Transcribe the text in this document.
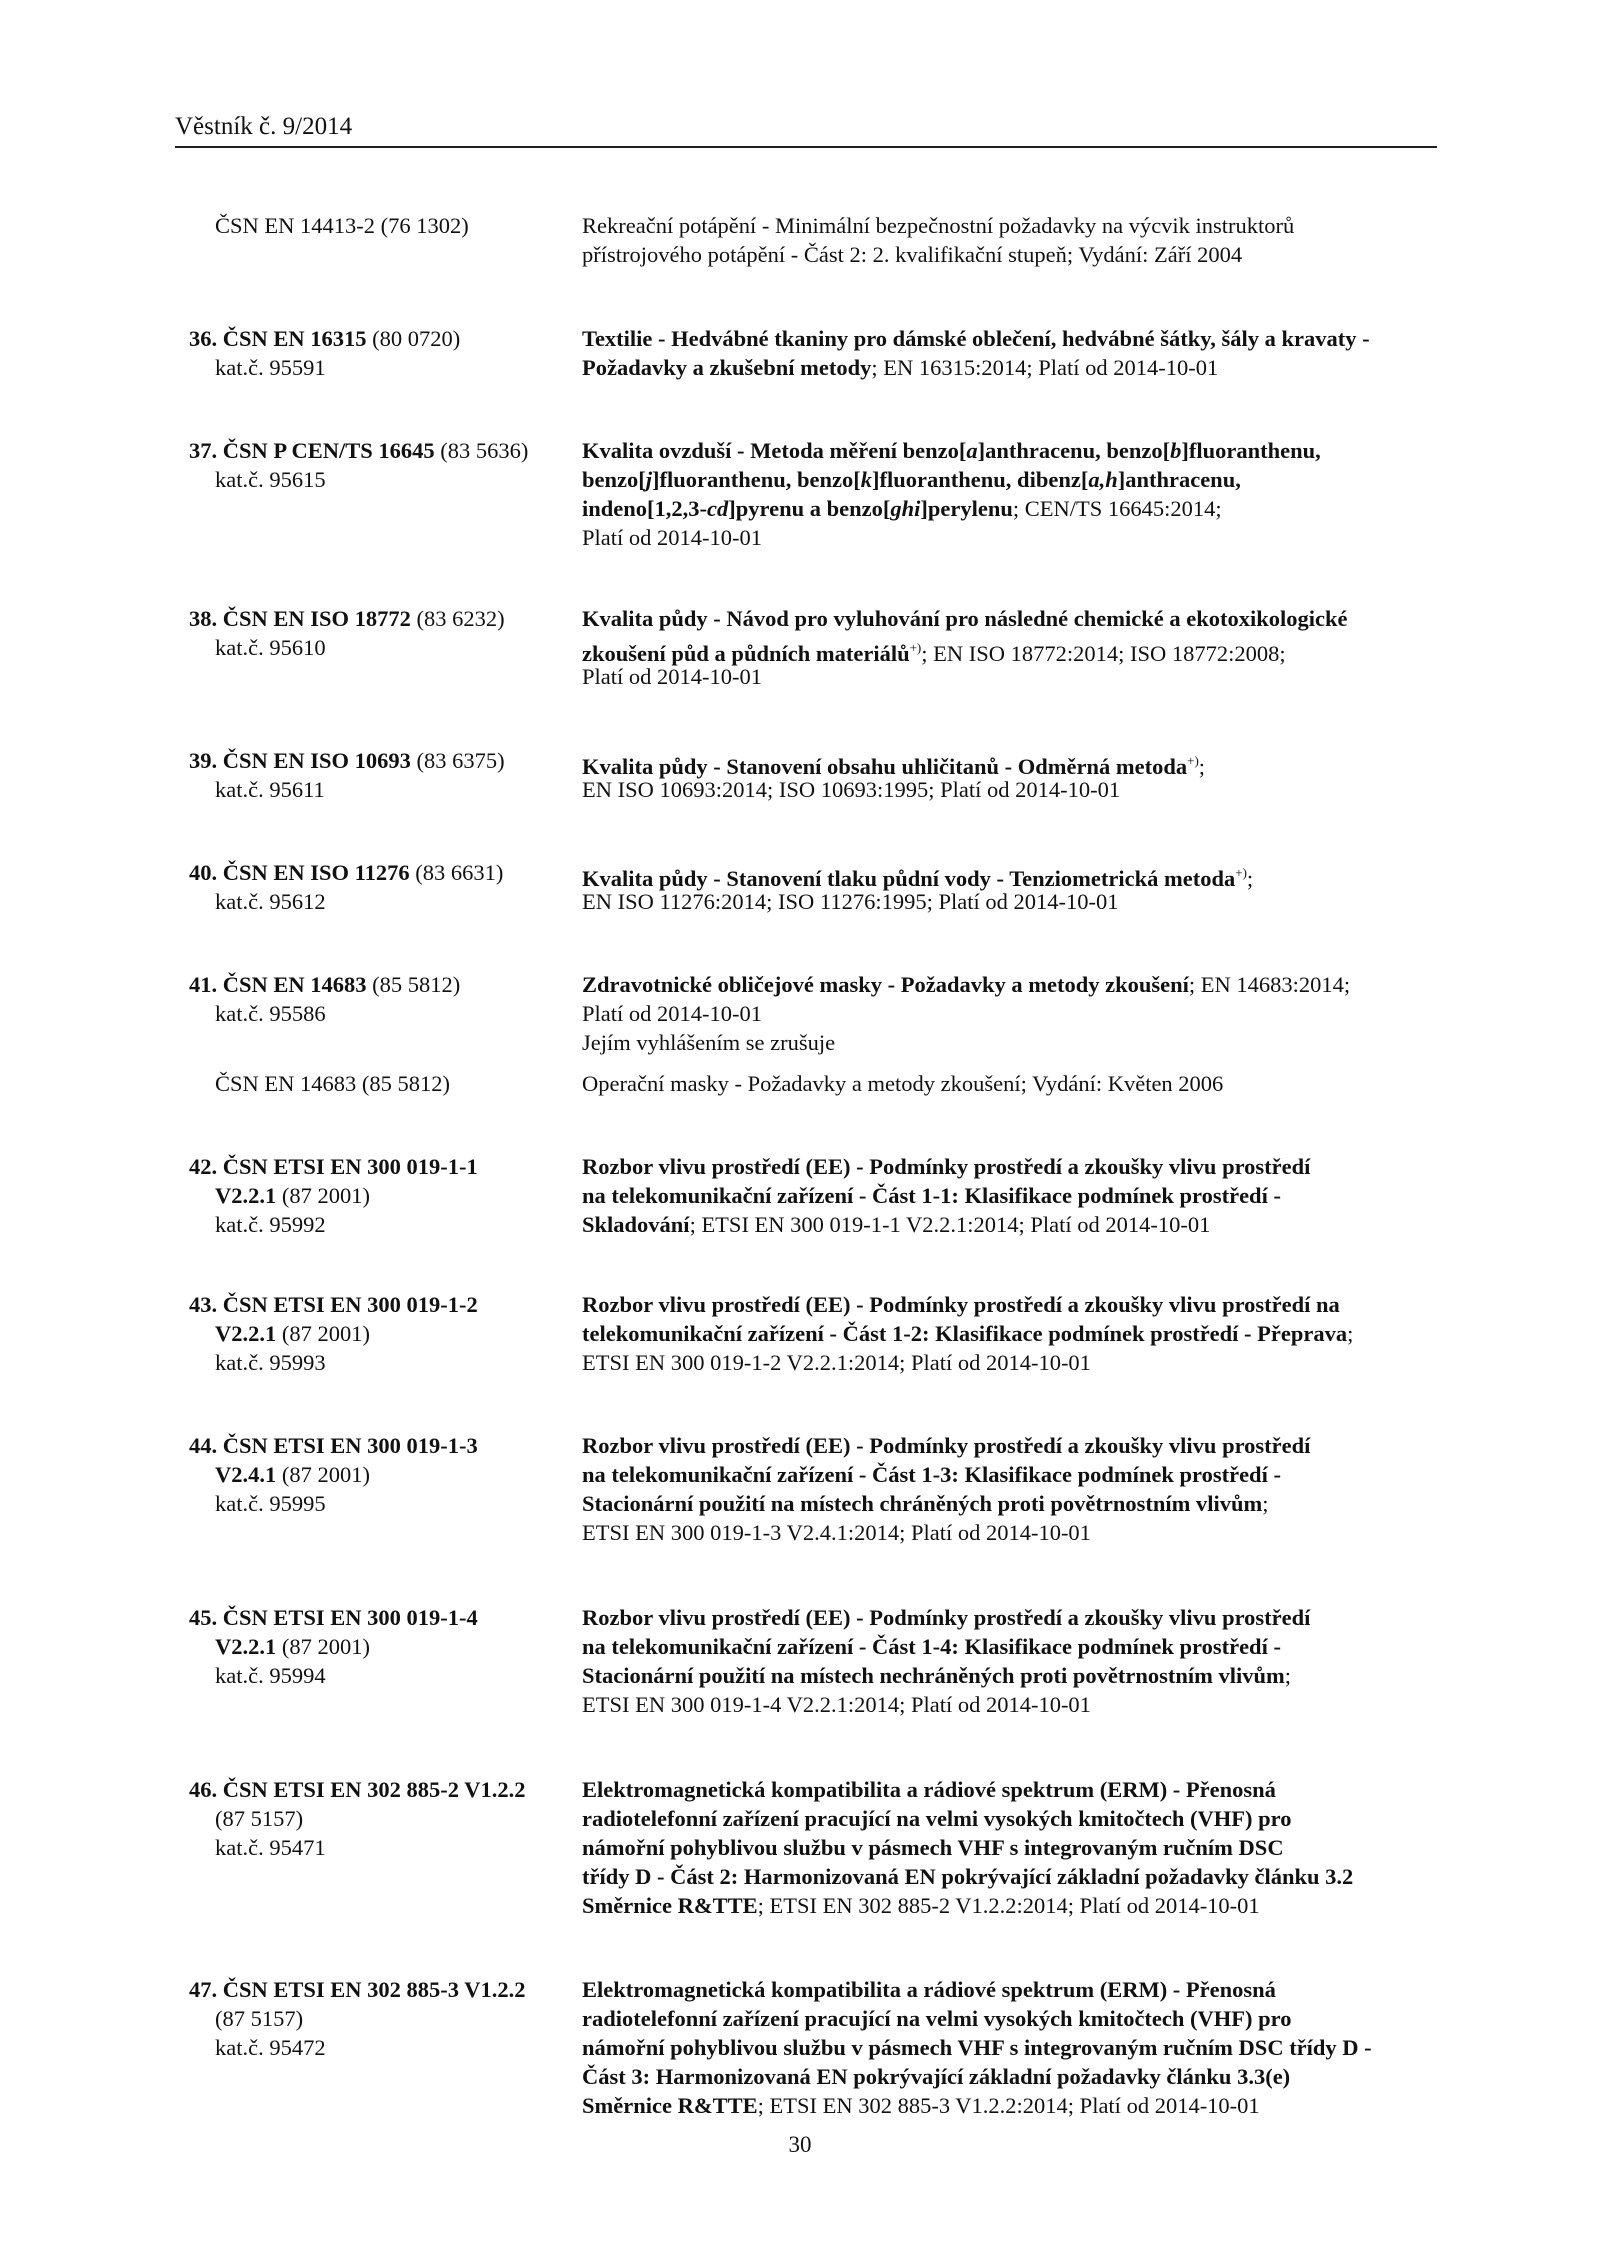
Věstník č. 9/2014
ČSN EN 14413-2 (76 1302)	Rekreační potápění - Minimální bezpečnostní požadavky na výcvik instruktorů
přístrojového potápění - Část 2: 2. kvalifikační stupeň; Vydání: Září 2004
36. ČSN EN 16315 (80 0720)
kat.č. 95591
Textilie - Hedvábné tkaniny pro dámské oblečení, hedvábné šátky, šály a kravaty -
Požadavky a zkušební metody; EN 16315:2014; Platí od 2014-10-01
37. ČSN P CEN/TS 16645 (83 5636)
kat.č. 95615
Kvalita ovzduší - Metoda měření benzo[a]anthracenu, benzo[b]fluoranthenu,
benzo[j]fluoranthenu, benzo[k]fluoranthenu, dibenz[a,h]anthracenu,
indeno[1,2,3-cd]pyrenu a benzo[ghi]perylenu; CEN/TS 16645:2014;
Platí od 2014-10-01
38. ČSN EN ISO 18772 (83 6232)
kat.č. 95610
Kvalita půdy - Návod pro vyluhování pro následné chemické a ekotoxikologické
zkoušení půd a půdních materiálů+); EN ISO 18772:2014; ISO 18772:2008;
Platí od 2014-10-01
39. ČSN EN ISO 10693 (83 6375)
kat.č. 95611
Kvalita půdy - Stanovení obsahu uhličitanů - Odměrná metoda+);
EN ISO 10693:2014; ISO 10693:1995; Platí od 2014-10-01
40. ČSN EN ISO 11276 (83 6631)
kat.č. 95612
Kvalita půdy - Stanovení tlaku půdní vody - Tenziometrická metoda+);
EN ISO 11276:2014; ISO 11276:1995; Platí od 2014-10-01
41. ČSN EN 14683 (85 5812)
kat.č. 95586
Zdravotnické obličejové masky - Požadavky a metody zkoušení; EN 14683:2014;
Platí od 2014-10-01
Jejím vyhlášením se zrušuje
ČSN EN 14683 (85 5812)	Operační masky - Požadavky a metody zkoušení; Vydání: Květen 2006
42. ČSN ETSI EN 300 019-1-1
V2.2.1 (87 2001)
kat.č. 95992
Rozbor vlivu prostředí (EE) - Podmínky prostředí a zkoušky vlivu prostředí
na telekomunikační zařízení - Část 1-1: Klasifikace podmínek prostředí -
Skladování; ETSI EN 300 019-1-1 V2.2.1:2014; Platí od 2014-10-01
43. ČSN ETSI EN 300 019-1-2
V2.2.1 (87 2001)
kat.č. 95993
Rozbor vlivu prostředí (EE) - Podmínky prostředí a zkoušky vlivu prostředí na
telekomunikační zařízení - Část 1-2: Klasifikace podmínek prostředí - Přeprava;
ETSI EN 300 019-1-2 V2.2.1:2014; Platí od 2014-10-01
44. ČSN ETSI EN 300 019-1-3
V2.4.1 (87 2001)
kat.č. 95995
Rozbor vlivu prostředí (EE) - Podmínky prostředí a zkoušky vlivu prostředí
na telekomunikační zařízení - Část 1-3: Klasifikace podmínek prostředí -
Stacionární použití na místech chráněných proti povětrnostním vlivům;
ETSI EN 300 019-1-3 V2.4.1:2014; Platí od 2014-10-01
45. ČSN ETSI EN 300 019-1-4
V2.2.1 (87 2001)
kat.č. 95994
Rozbor vlivu prostředí (EE) - Podmínky prostředí a zkoušky vlivu prostředí
na telekomunikační zařízení - Část 1-4: Klasifikace podmínek prostředí -
Stacionární použití na místech nechráněných proti povětrnostním vlivům;
ETSI EN 300 019-1-4 V2.2.1:2014; Platí od 2014-10-01
46. ČSN ETSI EN 302 885-2 V1.2.2
(87 5157)
kat.č. 95471
Elektromagnetická kompatibilita a rádiové spektrum (ERM) - Přenosná
radiotelefonní zařízení pracující na velmi vysokých kmitočtech (VHF) pro
námořní pohyblivou službu v pásmech VHF s integrovaným ručním DSC
třídy D - Část 2: Harmonizovaná EN pokrývající základní požadavky článku 3.2
Směrnice R&TTE; ETSI EN 302 885-2 V1.2.2:2014; Platí od 2014-10-01
47. ČSN ETSI EN 302 885-3 V1.2.2
(87 5157)
kat.č. 95472
Elektromagnetická kompatibilita a rádiové spektrum (ERM) - Přenosná
radiotelefonní zařízení pracující na velmi vysokých kmitočtech (VHF) pro
námořní pohyblivou službu v pásmech VHF s integrovaným ručním DSC třídy D -
Část 3: Harmonizovaná EN pokrývající základní požadavky článku 3.3(e)
Směrnice R&TTE; ETSI EN 302 885-3 V1.2.2:2014; Platí od 2014-10-01
30
